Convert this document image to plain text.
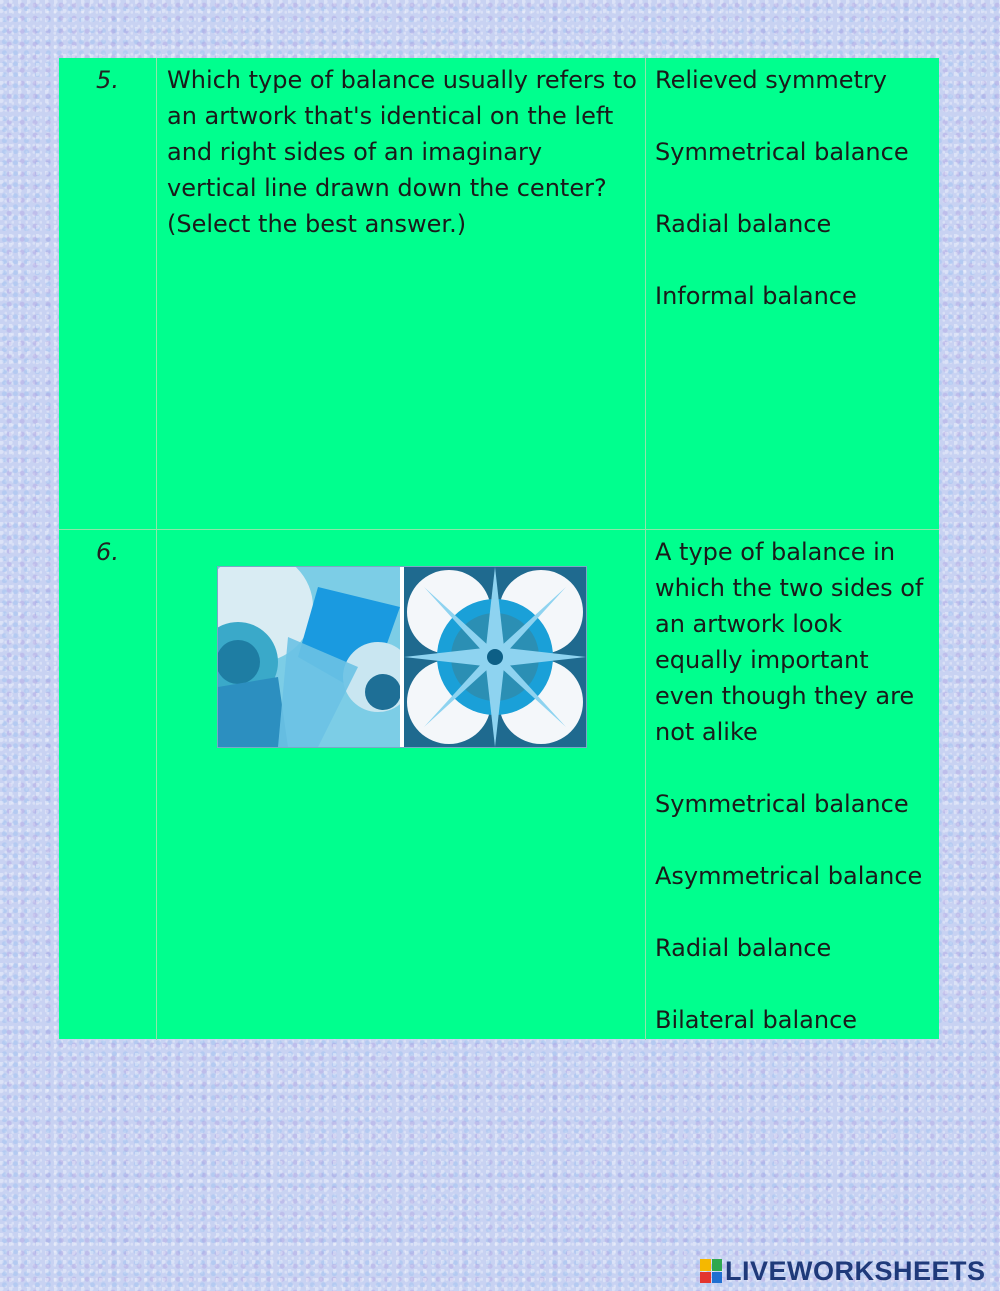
5.	Which type of balance usually refers to an artwork that's identical on the left and right sides of an imaginary vertical line drawn down the center? (Select the best answer.)
Relieved symmetry
Symmetrical balance
Radial balance
Informal balance
6.	A type of balance in which the two sides of an artwork look equally important even though they are not alike
Symmetrical balance
Asymmetrical balance
Radial balance
Bilateral balance
LIVEWORKSHEETS
